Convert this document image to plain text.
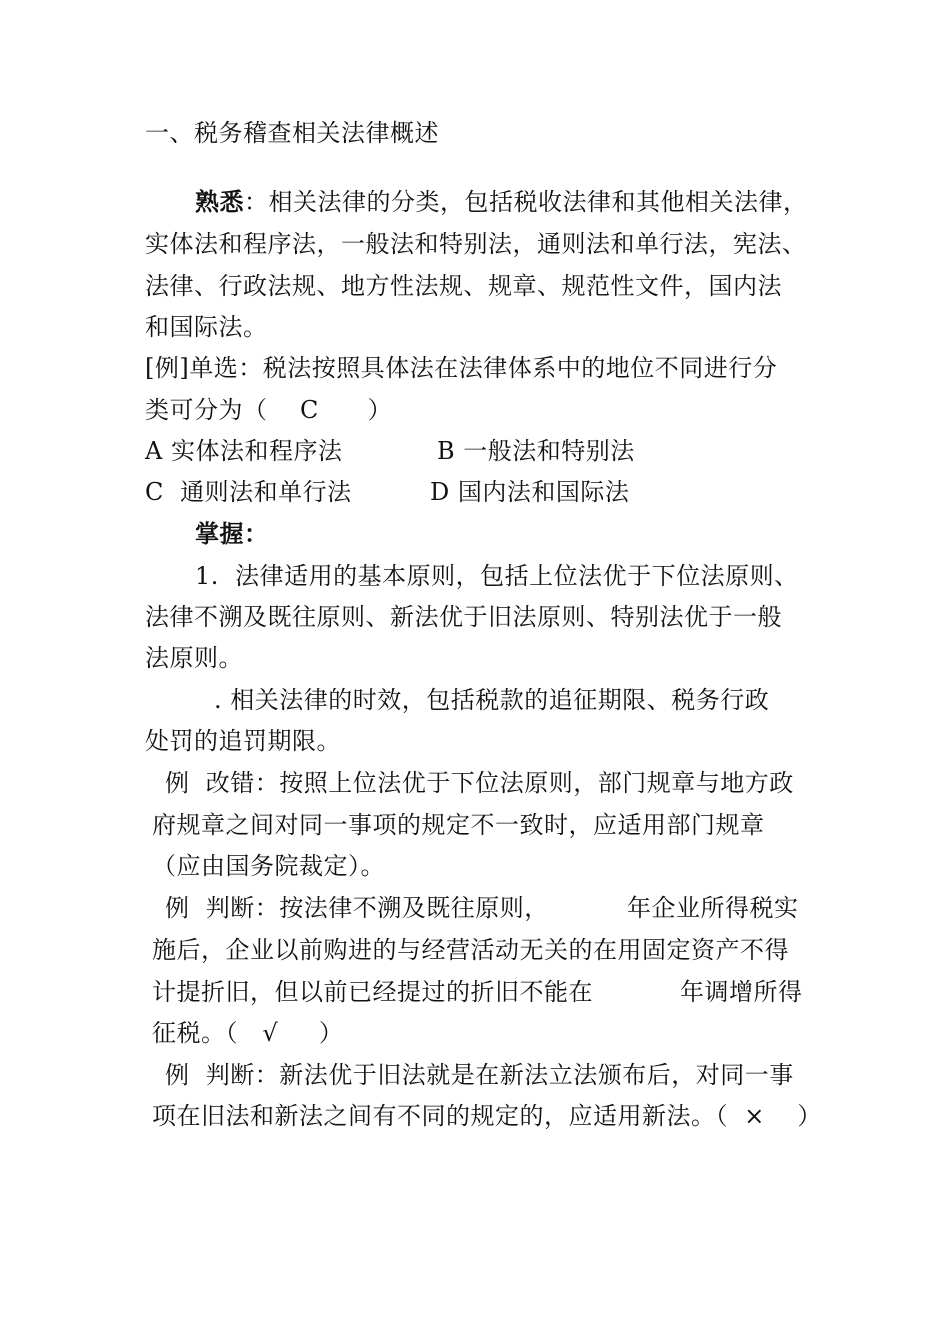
一、税务稽查相关法律概述
熟悉：相关法律的分类，包括税收法律和其他相关法律，
实体法和程序法，一般法和特别法，通则法和单行法，宪法、
法律、行政法规、地方性法规、规章、规范性文件，国内法
和国际法。
[例]单选：税法按照具体法在法律体系中的地位不同进行分
类可分为（    C      ）
A 实体法和程序法	B 一般法和特别法
C  通则法和单行法	D 国内法和国际法
掌握：
1.  法律适用的基本原则，包括上位法优于下位法原则、
法律不溯及既往原则、新法优于旧法原则、特别法优于一般
法原则。
. 相关法律的时效，包括税款的追征期限、税务行政
处罚的追罚期限。
例  改错：按照上位法优于下位法原则，部门规章与地方政
府规章之间对同一事项的规定不一致时，应适用部门规章
（应由国务院裁定）。
例  判断：按法律不溯及既往原则，	年企业所得税实
施后，企业以前购进的与经营活动无关的在用固定资产不得
计提折旧，但以前已经提过的折旧不能在	年调增所得
征税。（   √     ）
例  判断：新法优于旧法就是在新法立法颁布后，对同一事
项在旧法和新法之间有不同的规定的，应适用新法。（  ×    ）
